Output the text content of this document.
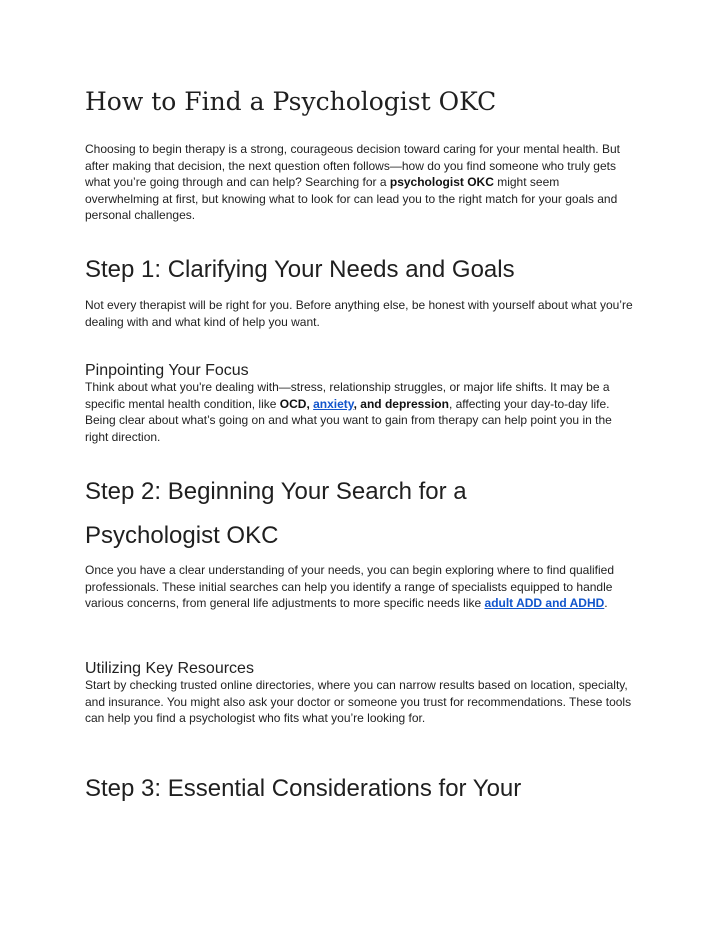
How to Find a Psychologist OKC

Choosing to begin therapy is a strong, courageous decision toward caring for your mental health. But after making that decision, the next question often follows—how do you find someone who truly gets what you’re going through and can help? Searching for a psychologist OKC might seem overwhelming at first, but knowing what to look for can lead you to the right match for your goals and personal challenges.

Step 1: Clarifying Your Needs and Goals

Not every therapist will be right for you. Before anything else, be honest with yourself about what you’re dealing with and what kind of help you want.

Pinpointing Your Focus

Think about what you're dealing with—stress, relationship struggles, or major life shifts. It may be a specific mental health condition, like OCD, anxiety, and depression, affecting your day-to-day life. Being clear about what’s going on and what you want to gain from therapy can help point you in the right direction.

Step 2: Beginning Your Search for a
Psychologist OKC

Once you have a clear understanding of your needs, you can begin exploring where to find qualified professionals. These initial searches can help you identify a range of specialists equipped to handle various concerns, from general life adjustments to more specific needs like adult ADD and ADHD.

Utilizing Key Resources

Start by checking trusted online directories, where you can narrow results based on location, specialty, and insurance. You might also ask your doctor or someone you trust for recommendations. These tools can help you find a psychologist who fits what you’re looking for.

Step 3: Essential Considerations for Your
